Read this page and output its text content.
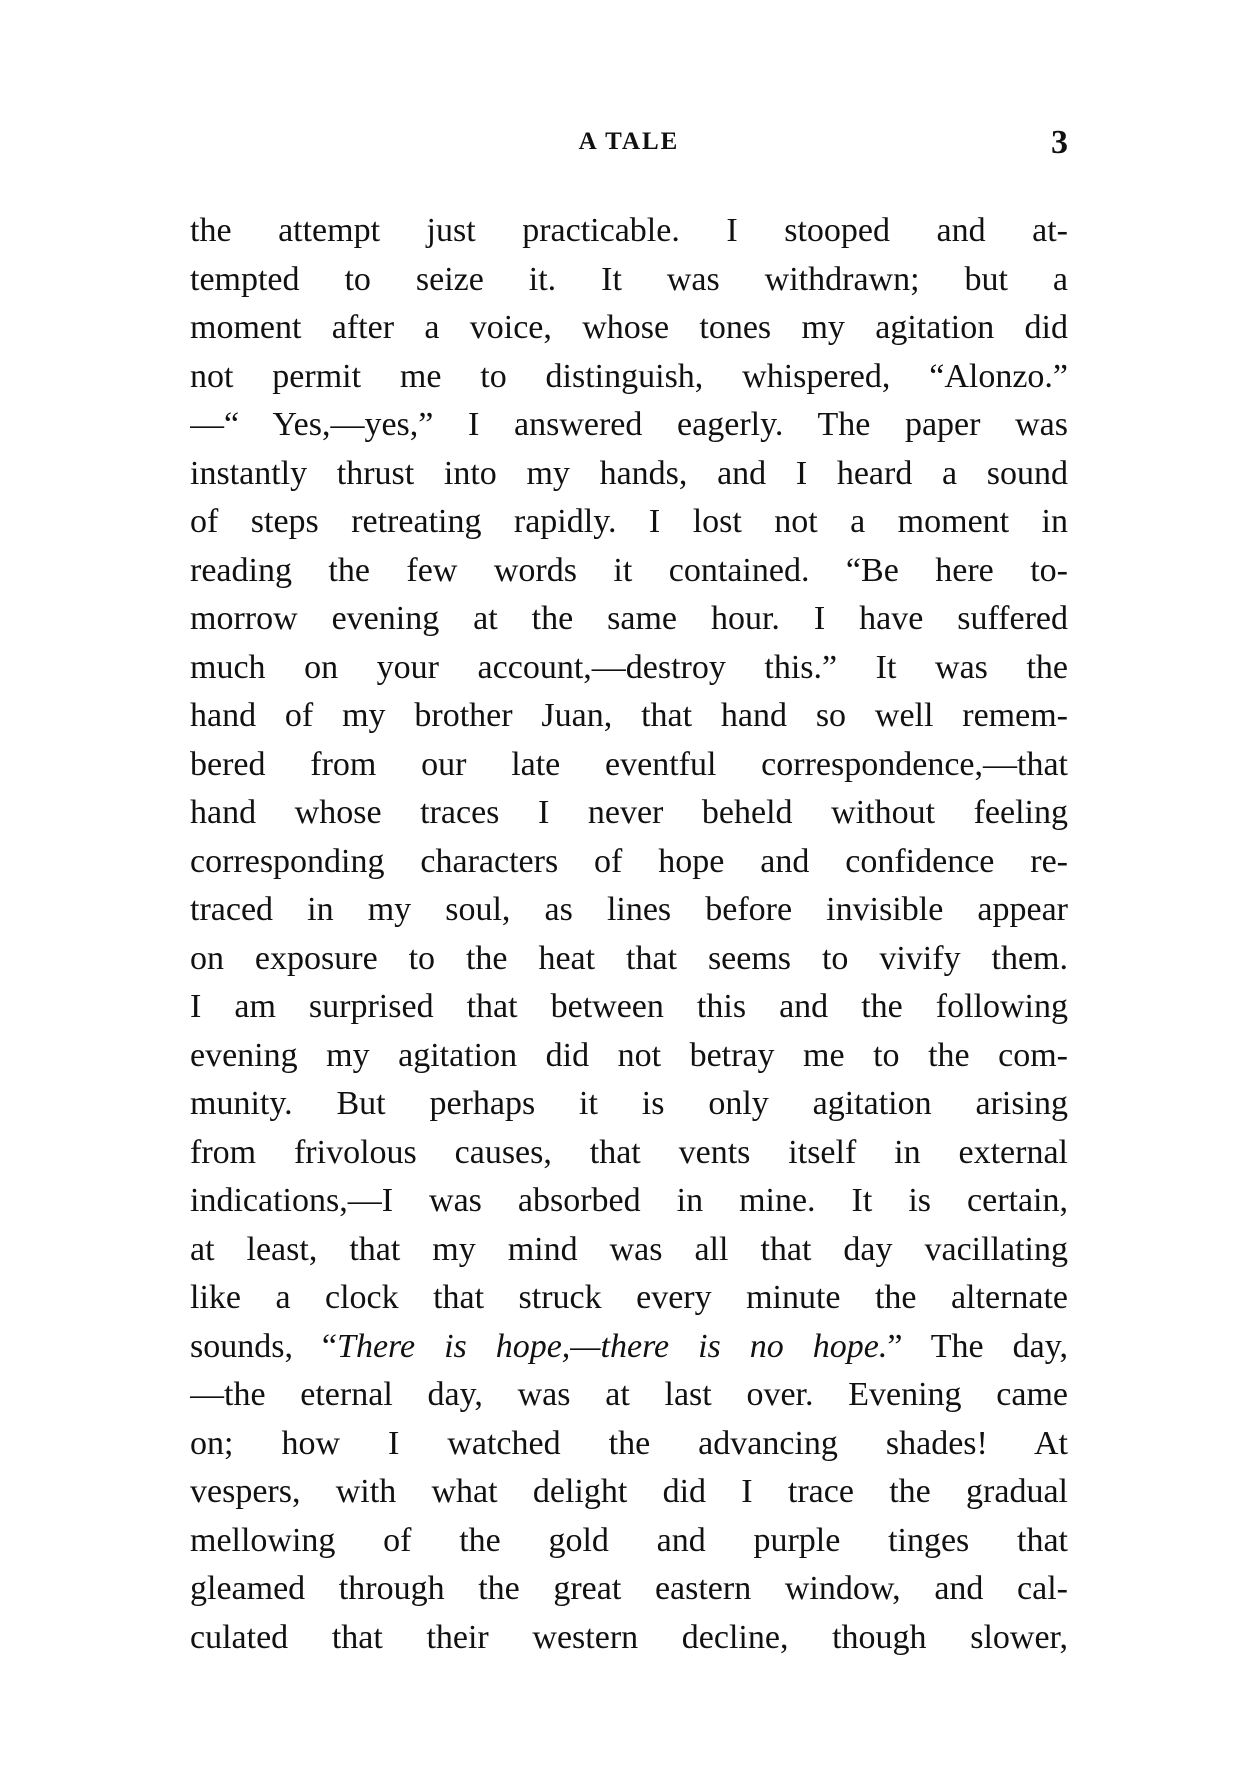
A TALE	3
the attempt just practicable. I stooped and at-
tempted to seize it. It was withdrawn; but a
moment after a voice, whose tones my agitation did
not permit me to distinguish, whispered, “Alonzo.”
—“ Yes,—yes,” I answered eagerly. The paper was
instantly thrust into my hands, and I heard a sound
of steps retreating rapidly. I lost not a moment in
reading the few words it contained. “Be here to-
morrow evening at the same hour. I have suffered
much on your account,—destroy this.” It was the
hand of my brother Juan, that hand so well remem-
bered from our late eventful correspondence,—that
hand whose traces I never beheld without feeling
corresponding characters of hope and confidence re-
traced in my soul, as lines before invisible appear
on exposure to the heat that seems to vivify them.
I am surprised that between this and the following
evening my agitation did not betray me to the com-
munity. But perhaps it is only agitation arising
from frivolous causes, that vents itself in external
indications,—I was absorbed in mine. It is certain,
at least, that my mind was all that day vacillating
like a clock that struck every minute the alternate
sounds, “There is hope,—there is no hope.” The day,
—the eternal day, was at last over. Evening came
on; how I watched the advancing shades! At
vespers, with what delight did I trace the gradual
mellowing of the gold and purple tinges that
gleamed through the great eastern window, and cal-
culated that their western decline, though slower,
